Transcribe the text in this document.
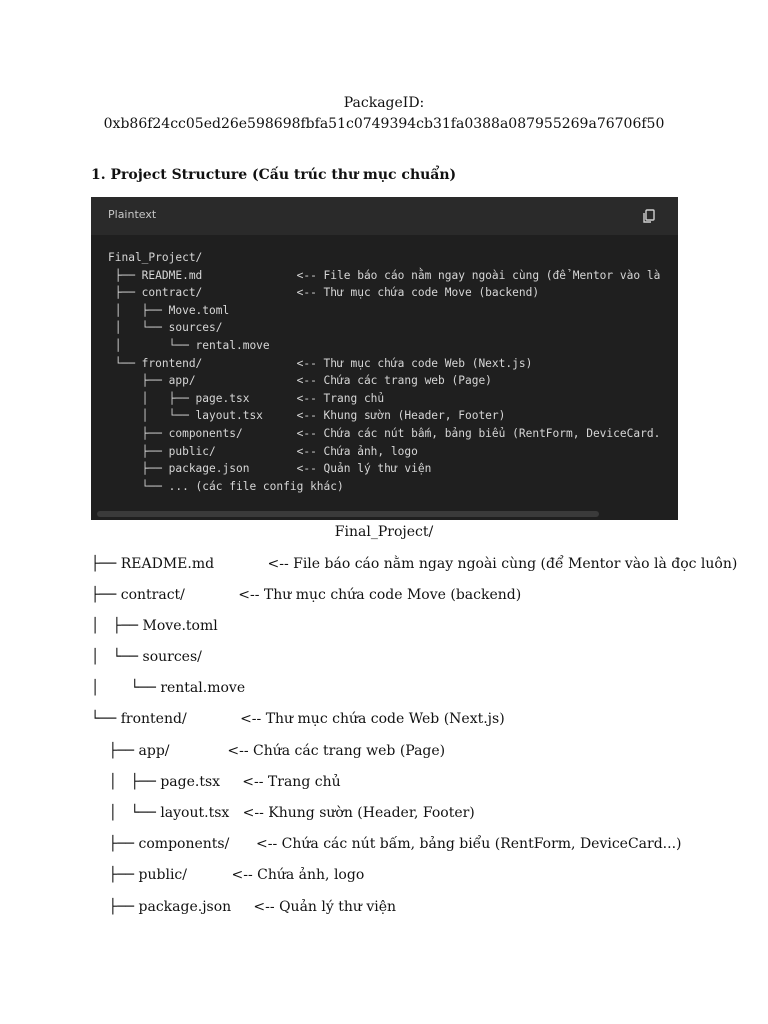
PackageID:
0xb86f24cc05ed26e598698fbfa51c0749394cb31fa0388a087955269a76706f50
1. Project Structure (Cấu trúc thư mục chuẩn)
Plaintext
Final_Project/
├── README.md              <-- File báo cáo nằm ngay ngoài cùng (để Mentor vào là
├── contract/              <-- Thư mục chứa code Move (backend)
│   ├── Move.toml
│   └── sources/
│       └── rental.move
└── frontend/              <-- Thư mục chứa code Web (Next.js)
├── app/               <-- Chứa các trang web (Page)
│   ├── page.tsx       <-- Trang chủ
│   └── layout.tsx     <-- Khung sườn (Header, Footer)
├── components/        <-- Chứa các nút bấm, bảng biểu (RentForm, DeviceCard.
├── public/            <-- Chứa ảnh, logo
├── package.json       <-- Quản lý thư viện
└── ... (các file config khác)
Final_Project/
├── README.md            <-- File báo cáo nằm ngay ngoài cùng (để Mentor vào là đọc luôn)
├── contract/            <-- Thư mục chứa code Move (backend)
│   ├── Move.toml
│   └── sources/
│       └── rental.move
└── frontend/            <-- Thư mục chứa code Web (Next.js)
├── app/             <-- Chứa các trang web (Page)
│   ├── page.tsx     <-- Trang chủ
│   └── layout.tsx   <-- Khung sườn (Header, Footer)
├── components/      <-- Chứa các nút bấm, bảng biểu (RentForm, DeviceCard...)
├── public/          <-- Chứa ảnh, logo
├── package.json     <-- Quản lý thư viện
